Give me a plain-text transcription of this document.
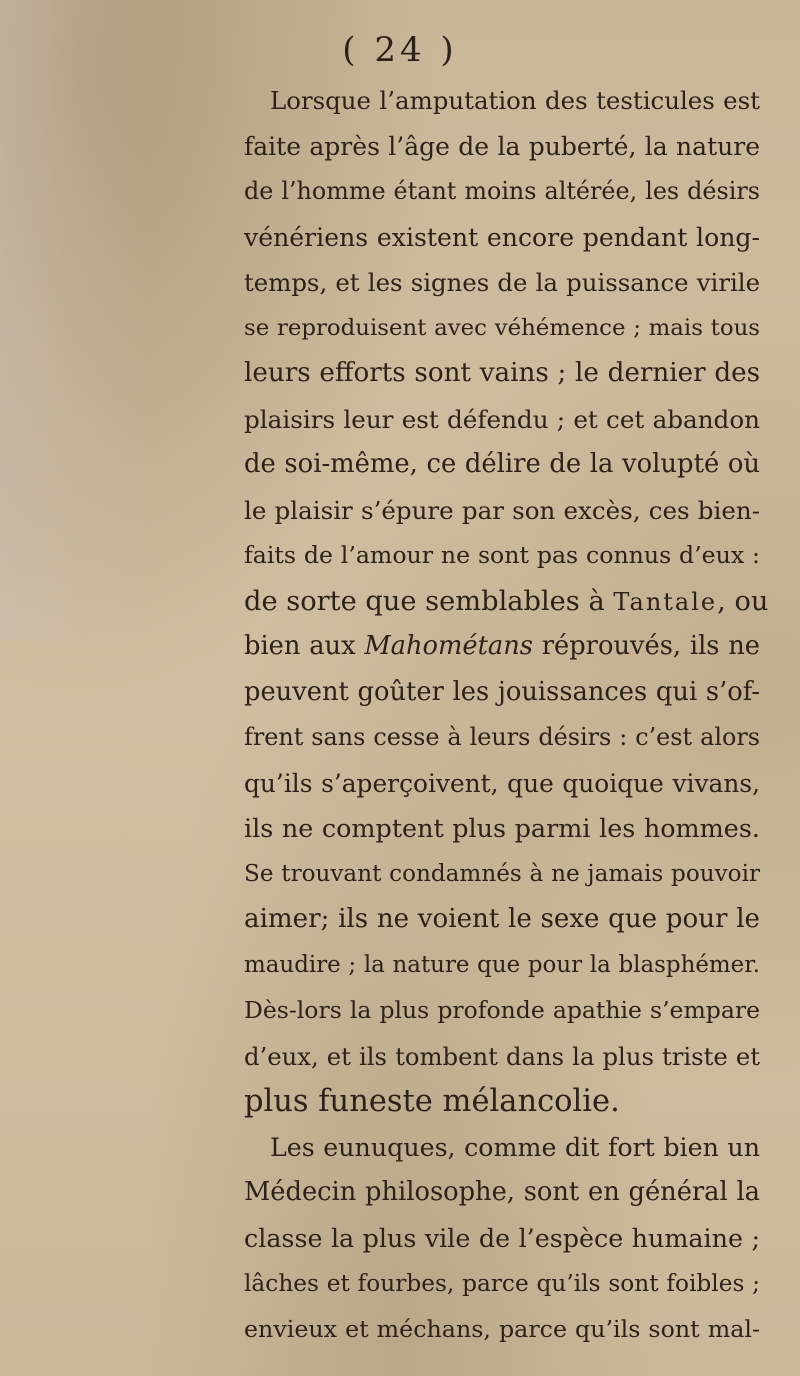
( 24 )
Lorsque l’amputation des testicules est
faite après l’âge de la puberté, la nature
de l’homme étant moins altérée, les désirs
vénériens existent encore pendant long-
temps, et les signes de la puissance virile
se reproduisent avec véhémence ; mais tous
leurs efforts sont vains ; le dernier des
plaisirs leur est défendu ; et cet abandon
de soi-même, ce délire de la volupté où
le plaisir s’épure par son excès, ces bien-
faits de l’amour ne sont pas connus d’eux :
de sorte que semblables à Tantale, ou
bien aux Mahométans réprouvés, ils ne
peuvent goûter les jouissances qui s’of-
frent sans cesse à leurs désirs : c’est alors
qu’ils s’aperçoivent, que quoique vivans,
ils ne comptent plus parmi les hommes.
Se trouvant condamnés à ne jamais pouvoir
aimer; ils ne voient le sexe que pour le
maudire ; la nature que pour la blasphémer.
Dès-lors la plus profonde apathie s’empare
d’eux, et ils tombent dans la plus triste et
plus funeste mélancolie.
Les eunuques, comme dit fort bien un
Médecin philosophe, sont en général la
classe la plus vile de l’espèce humaine ;
lâches et fourbes, parce qu’ils sont foibles ;
envieux et méchans, parce qu’ils sont mal-
